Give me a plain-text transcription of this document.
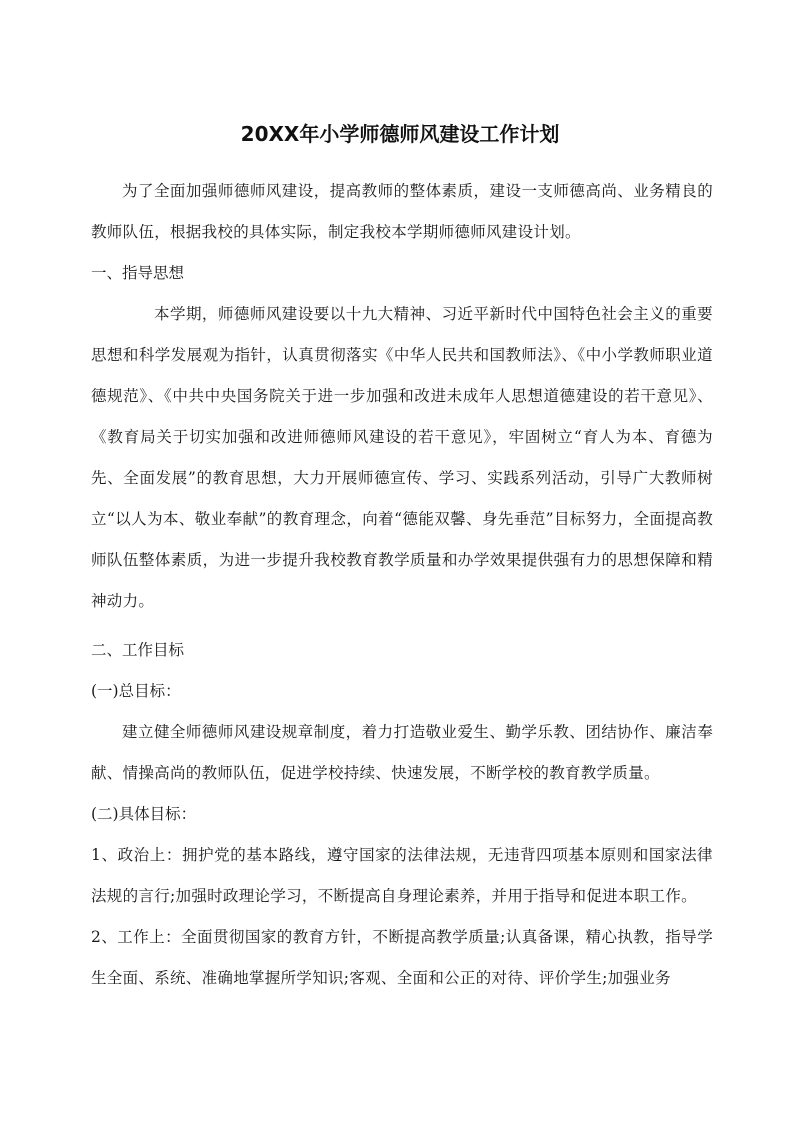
20XX年小学师德师风建设工作计划
为了全面加强师德师风建设，提高教师的整体素质，建设一支师德高尚、业务精良的教师队伍，根据我校的具体实际，制定我校本学期师德师风建设计划。
一、指导思想
本学期，师德师风建设要以十九大精神、习近平新时代中国特色社会主义的重要思想和科学发展观为指针，认真贯彻落实《中华人民共和国教师法》、《中小学教师职业道德规范》、《中共中央国务院关于进一步加强和改进未成年人思想道德建设的若干意见》、《教育局关于切实加强和改进师德师风建设的若干意见》，牢固树立“育人为本、育德为先、全面发展”的教育思想，大力开展师德宣传、学习、实践系列活动，引导广大教师树立“以人为本、敬业奉献”的教育理念，向着“德能双馨、身先垂范”目标努力，全面提高教师队伍整体素质，为进一步提升我校教育教学质量和办学效果提供强有力的思想保障和精神动力。
二、工作目标
(一)总目标：
建立健全师德师风建设规章制度，着力打造敬业爱生、勤学乐教、团结协作、廉洁奉献、情操高尚的教师队伍，促进学校持续、快速发展，不断学校的教育教学质量。
(二)具体目标：
1、政治上：拥护党的基本路线，遵守国家的法律法规，无违背四项基本原则和国家法律法规的言行;加强时政理论学习，不断提高自身理论素养，并用于指导和促进本职工作。
2、工作上：全面贯彻国家的教育方针，不断提高教学质量;认真备课，精心执教，指导学生全面、系统、准确地掌握所学知识;客观、全面和公正的对待、评价学生;加强业务
